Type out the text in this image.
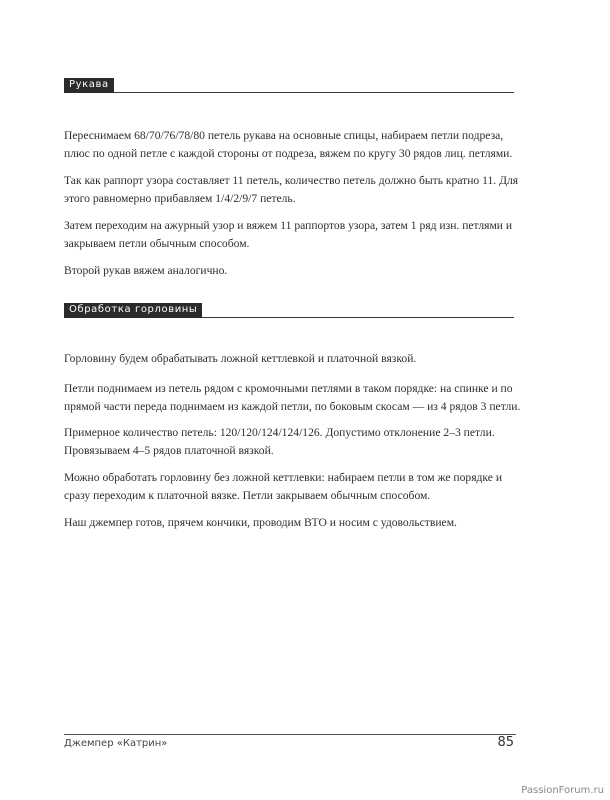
Рукава

Переснимаем 68/70/76/78/80 петель рукава на основные спицы, набираем петли подреза, плюс по одной петле с каждой стороны от подреза, вяжем по кругу 30 рядов лиц. петлями.

Так как раппорт узора составляет 11 петель, количество петель должно быть кратно 11. Для этого равномерно прибавляем 1/4/2/9/7 петель.

Затем переходим на ажурный узор и вяжем 11 раппортов узора, затем 1 ряд изн. петлями и закрываем петли обычным способом.

Второй рукав вяжем аналогично.

Обработка горловины

Горловину будем обрабатывать ложной кеттлевкой и платочной вязкой.

Петли поднимаем из петель рядом с кромочными петлями в таком порядке: на спинке и по прямой части переда поднимаем из каждой петли, по боковым скосам — из 4 рядов 3 петли.

Примерное количество петель: 120/120/124/124/126. Допустимо отклонение 2–3 петли. Провязываем 4–5 рядов платочной вязкой.

Можно обработать горловину без ложной кеттлевки: набираем петли в том же порядке и сразу переходим к платочной вязке. Петли закрываем обычным способом.

Наш джемпер готов, прячем кончики, проводим ВТО и носим с удовольствием.

Джемпер «Катрин»	85
PassionForum.ru
